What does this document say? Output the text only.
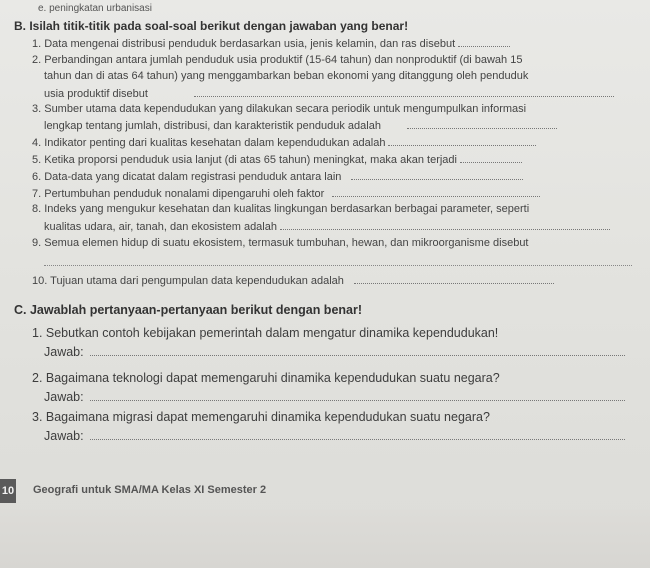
e. peningkatan urbanisasi
B. Isilah titik-titik pada soal-soal berikut dengan jawaban yang benar!
1. Data mengenai distribusi penduduk berdasarkan usia, jenis kelamin, dan ras disebut
2. Perbandingan antara jumlah penduduk usia produktif (15-64 tahun) dan nonproduktif (di bawah 15
tahun dan di atas 64 tahun) yang menggambarkan beban ekonomi yang ditanggung oleh penduduk
usia produktif disebut
3. Sumber utama data kependudukan yang dilakukan secara periodik untuk mengumpulkan informasi
lengkap tentang jumlah, distribusi, dan karakteristik penduduk adalah
4. Indikator penting dari kualitas kesehatan dalam kependudukan adalah
5. Ketika proporsi penduduk usia lanjut (di atas 65 tahun) meningkat, maka akan terjadi
6. Data-data yang dicatat dalam registrasi penduduk antara lain
7. Pertumbuhan penduduk nonalami dipengaruhi oleh faktor
8. Indeks yang mengukur kesehatan dan kualitas lingkungan berdasarkan berbagai parameter, seperti
kualitas udara, air, tanah, dan ekosistem adalah
9. Semua elemen hidup di suatu ekosistem, termasuk tumbuhan, hewan, dan mikroorganisme disebut
10. Tujuan utama dari pengumpulan data kependudukan adalah
C. Jawablah pertanyaan-pertanyaan berikut dengan benar!
1. Sebutkan contoh kebijakan pemerintah dalam mengatur dinamika kependudukan!
Jawab:
2. Bagaimana teknologi dapat memengaruhi dinamika kependudukan suatu negara?
Jawab:
3. Bagaimana migrasi dapat memengaruhi dinamika kependudukan suatu negara?
Jawab:
10 Geografi untuk SMA/MA Kelas XI Semester 2
